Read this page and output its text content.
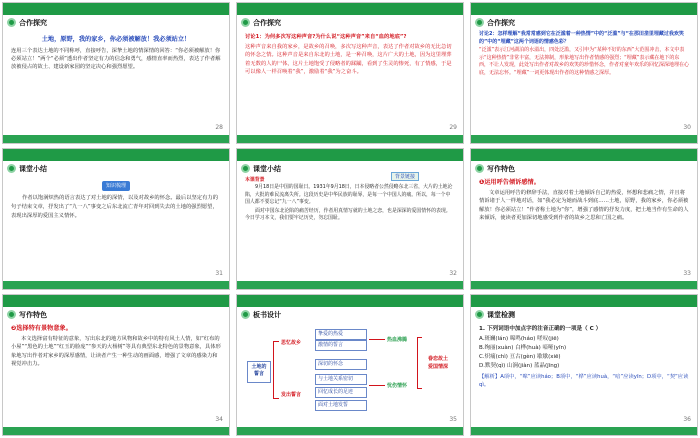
合作探究
土地，原野，我的家乡，你必须被解放！我必须站立！
连用三个表达土地的不同称呼，直接呼告，深挚土地的情深情的回答：“你必须被解放！你必须站立！”两个“必须”透出作者坚定有力的信念和勇气，感情直率而热烈，表达了作者解放被侵占的故土、建设新家园的坚定决心和强烈愿望。
28
合作探究
讨论1：为何多次写这种声音?为什么说“这种声音”来自“血的地底”?
这种声音来自我的家乡，是故乡的召唤，多次写这种声音，表达了作者对故乡的无比急切的怀念之情。这种声音是来自东北的土地，是一种召唤，这片广大的土地，因为这里埋葬着无数的人的尸体，这片土地饱受了侵略者的蹂躏，看到了生灵的惨死，有了情感，于是可以像人一样召唤着“我”，激励着“我”为之奋斗。
29
合作探究
讨论2：怎样理解“我常常感到它在泛滥着一种热情”中的“泛滥”与“在那田垄里埋藏过我欢笑的”中的“埋藏”这两个词语的情感色彩？
“泛滥”表示江河湖泊的水溢出，四处泛滥，又引申为“某种不好的东西”大范围冲击，本文中表示“这种热情”非常丰富，无法抑制，形象地写出作者情感的强烈；“埋藏”表示藏在地下的东西，不让人发现，此处写出作者对故乡的欢笑的珍惜怀念，作者对童年欢乐的回忆深深地埋在心底，无法忘怀。“埋藏”一词更体现出作者的这种情感之深厚。
30
课堂小结
知识梳理
作者以饱满炽热的语言表达了对土地的深情，以及对故乡的怀念。最后以坚定有力的句子结束文章，抒发出了“九一八”事变之后东北流亡青年对回到失去的土地的强烈愿望，表现出深厚的爱国主义情怀。
31
课堂小结
背景链接
本课背景
9月18日是中国的国耻日。1931年9月18日，日本侵略者公然侵略东北三省，大片的土地沦陷，大批的难民流离失所。这段历史是中华民族的耻辱，是每一个中国人的痛。所以，每一个中国人都不要忘记“九一八”事变。
面对中国东北沦陷的痛苦经历，作者用真情写就的土地之恋，也是深深的爱国情怀的表现。今日学习本文，我们要牢记历史，勿忘国耻。
32
写作特色
❶运用呼告倾诉感情。
文章运用呼告的修辞手法，直接对着土地倾诉自己的热爱，怀想和悲痛之情，并且将情诉诸于人一样地对话，如“我必定为她而战斗到底……土地，原野，我的家乡，你必须被解放！你必须站立！”作者称土地为“你”，增强了感情的抒发力度，把土地当作有生命的人来倾诉，使读者更加深切地感受到作者的故乡之思和亡国之痛。
33
写作特色
❷选择特有景物意象。
本文选择富有特征的意象，写出东北的地方风物和故乡中的特有风土人情，如“红布的小屋”“黑色的土地”“红玉的脸庞”“参天的大杨树”等具有典型东北特色的景物意象，具体形象地写出作者对家乡的深厚感情，让读者产生一种生动的画面感，增强了文章的感染力和视觉冲击力。
34
板书设计
土地的誓言
思忆故乡
发出誓言
挚爱的热爱
激情的誓言
深切的怀念
与土地关系密切
回忆成长的足迹
面对土地发誓
热血沸腾
忧伤情怀
眷恋故土 爱国情深
35
课堂检测
1. 下列词语中加点字的注音正确的一项是（ C ）
A.斑斓(lán) 嗥鸣(háo) 嗟叹(jiē)
B.绚丽(xuàn) 白桦(huà) 喑哑(yīn)
C.炽痛(chì) 亘古(gèn) 歇歇(xiē)
D.默契(qì) 山涧(jiàn) 蓝晶(jīng)
【解析】A项中，“嗥”应读háo；B项中，“桦”应读huà，“喑”应读yīn；D项中，“契”应读qì。
36
